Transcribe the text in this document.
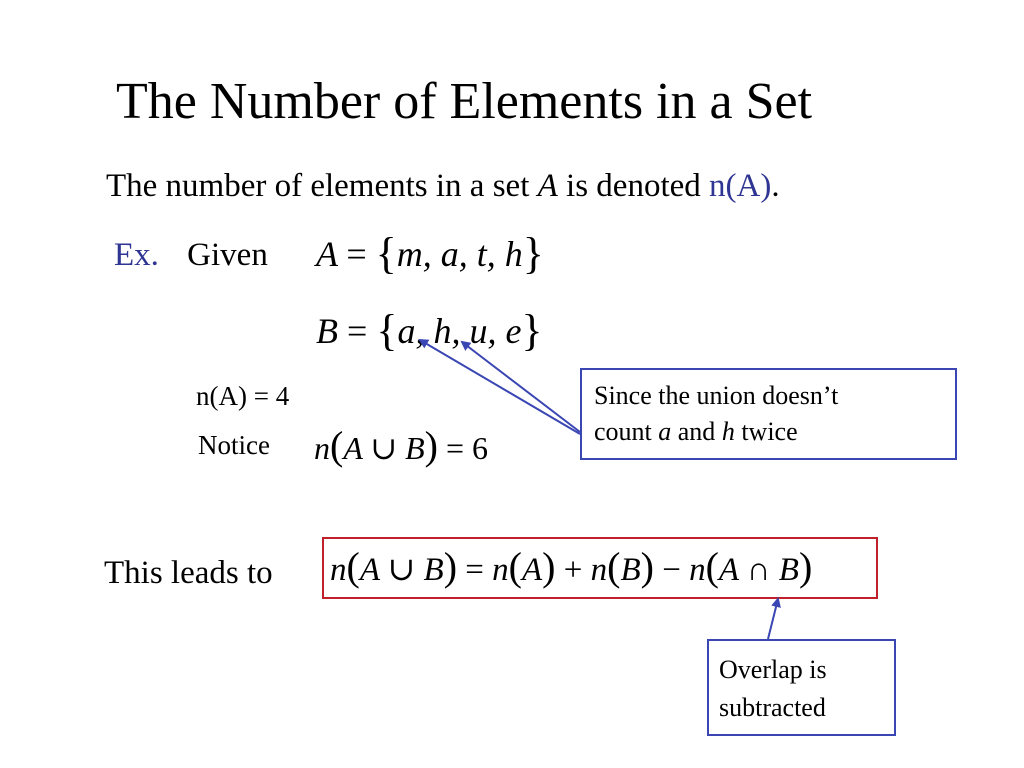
The Number of Elements in a Set
The number of elements in a set A is denoted n(A).
Ex. Given A = {m, a, t, h}
B = {a, h, u, e}
n(A) = 4
Notice n(A ∪ B) = 6
Since the union doesn’t
count a and h twice
This leads to n(A ∪ B) = n(A) + n(B) − n(A ∩ B)
Overlap is
subtracted
